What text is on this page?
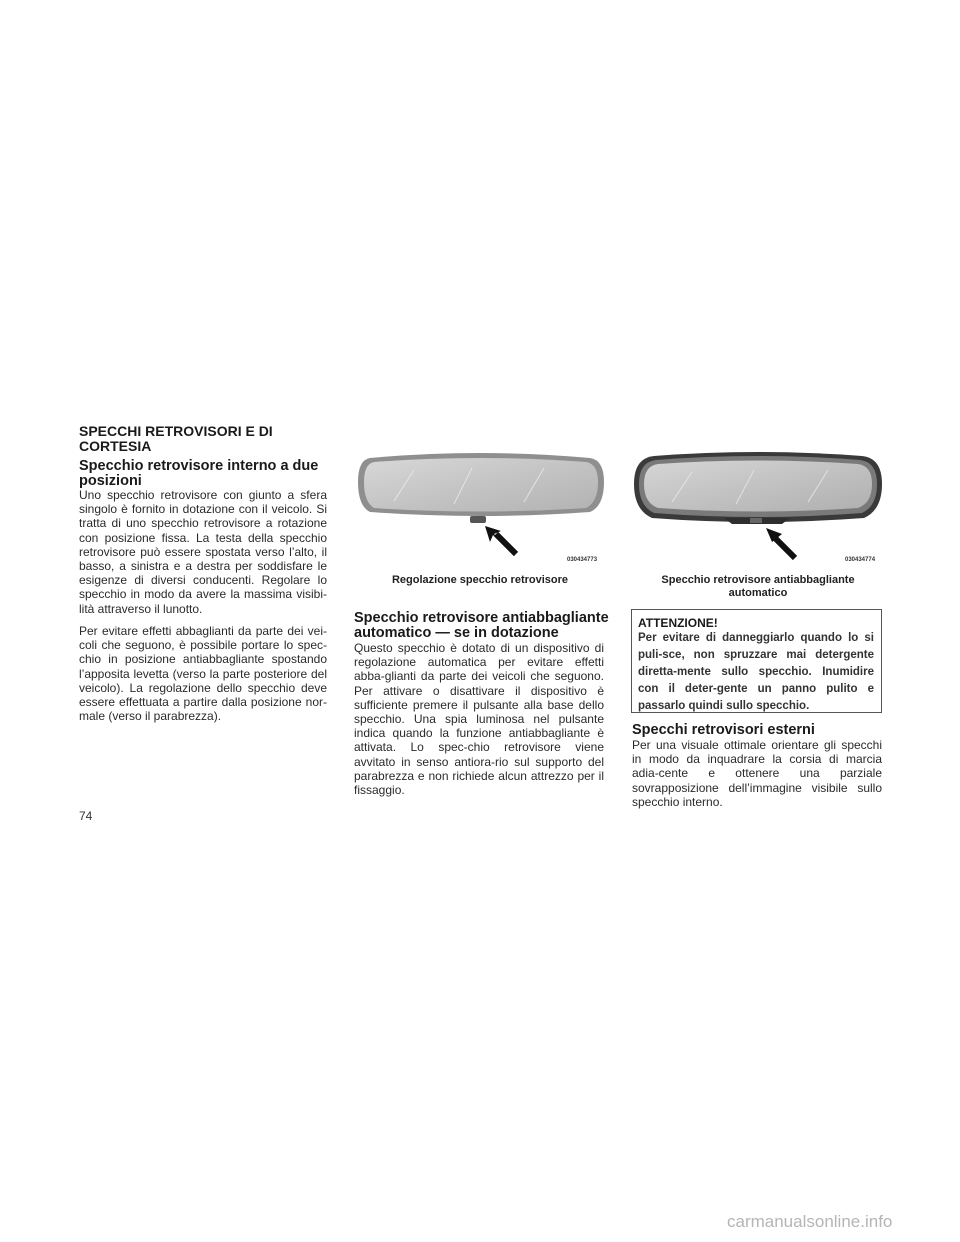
SPECCHI RETROVISORI E DI
CORTESIA
Specchio retrovisore interno a due
posizioni

Uno specchio retrovisore con giunto a sfera singolo è fornito in dotazione con il veicolo. Si tratta di uno specchio retrovisore a rotazione con posizione fissa. La testa della specchio retrovisore può essere spostata verso l’alto, il basso, a sinistra e a destra per soddisfare le esigenze di diversi conducenti. Regolare lo specchio in modo da avere la massima visibi-lità attraverso il lunotto.

Per evitare effetti abbaglianti da parte dei vei-coli che seguono, è possibile portare lo spec-chio in posizione antiabbagliante spostando l’apposita levetta (verso la parte posteriore del veicolo). La regolazione dello specchio deve essere effettuata a partire dalla posizione nor-male (verso il parabrezza).

030434773
Regolazione specchio retrovisore
030434774
Specchio retrovisore antiabbagliante
automatico
Specchio retrovisore antiabbagliante
automatico — se in dotazione

Questo specchio è dotato di un dispositivo di regolazione automatica per evitare effetti abba-glianti da parte dei veicoli che seguono. Per attivare o disattivare il dispositivo è sufficiente premere il pulsante alla base dello specchio. Una spia luminosa nel pulsante indica quando la funzione antiabbagliante è attivata. Lo spec-chio retrovisore viene avvitato in senso antiora-rio sul supporto del parabrezza e non richiede alcun attrezzo per il fissaggio.

ATTENZIONE!
Per evitare di danneggiarlo quando lo si puli-sce, non spruzzare mai detergente diretta-mente sullo specchio. Inumidire con il deter-gente un panno pulito e passarlo quindi sullo specchio.
Specchi retrovisori esterni

Per una visuale ottimale orientare gli specchi in modo da inquadrare la corsia di marcia adia-cente e ottenere una parziale sovrapposizione dell’immagine visibile sullo specchio interno.

74
carmanualsonline.info
